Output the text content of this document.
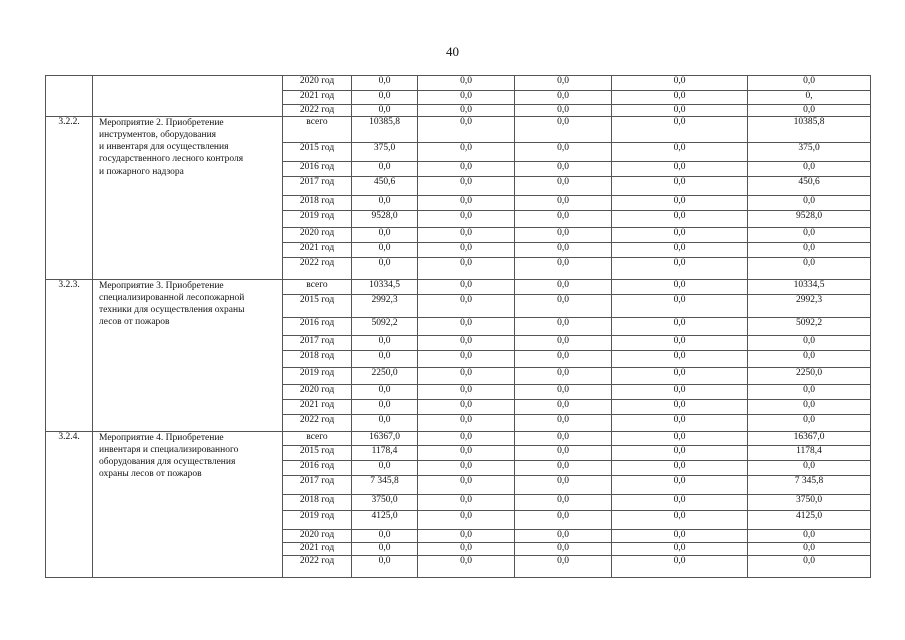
40
		2020 год	0,0	0,0	0,0	0,0	0,0
		2021 год	0,0	0,0	0,0	0,0	0,
		2022 год	0,0	0,0	0,0	0,0	0,0
3.2.2.	Мероприятие 2. Приобретение
инструментов, оборудования
и инвентаря для осуществления
государственного лесного контроля
и пожарного надзора	всего	10385,8	0,0	0,0	0,0	10385,8
		2015 год	375,0	0,0	0,0	0,0	375,0
		2016 год	0,0	0,0	0,0	0,0	0,0
		2017 год	450,6	0,0	0,0	0,0	450,6
		2018 год	0,0	0,0	0,0	0,0	0,0
		2019 год	9528,0	0,0	0,0	0,0	9528,0
		2020 год	0,0	0,0	0,0	0,0	0,0
		2021 год	0,0	0,0	0,0	0,0	0,0
		2022 год	0,0	0,0	0,0	0,0	0,0
3.2.3.	Мероприятие 3. Приобретение
специализированной лесопожарной
техники для осуществления охраны
лесов от пожаров	всего	10334,5	0,0	0,0	0,0	10334,5
		2015 год	2992,3	0,0	0,0	0,0	2992,3
		2016 год	5092,2	0,0	0,0	0,0	5092,2
		2017 год	0,0	0,0	0,0	0,0	0,0
		2018 год	0,0	0,0	0,0	0,0	0,0
		2019 год	2250,0	0,0	0,0	0,0	2250,0
		2020 год	0,0	0,0	0,0	0,0	0,0
		2021 год	0,0	0,0	0,0	0,0	0,0
		2022 год	0,0	0,0	0,0	0,0	0,0
3.2.4.	Мероприятие 4. Приобретение
инвентаря и специализированного
оборудования для осуществления
охраны лесов от пожаров	всего	16367,0	0,0	0,0	0,0	16367,0
		2015 год	1178,4	0,0	0,0	0,0	1178,4
		2016 год	0,0	0,0	0,0	0,0	0,0
		2017 год	7 345,8	0,0	0,0	0,0	7 345,8
		2018 год	3750,0	0,0	0,0	0,0	3750,0
		2019 год	4125,0	0,0	0,0	0,0	4125,0
		2020 год	0,0	0,0	0,0	0,0	0,0
		2021 год	0,0	0,0	0,0	0,0	0,0
		2022 год	0,0	0,0	0,0	0,0	0,0
